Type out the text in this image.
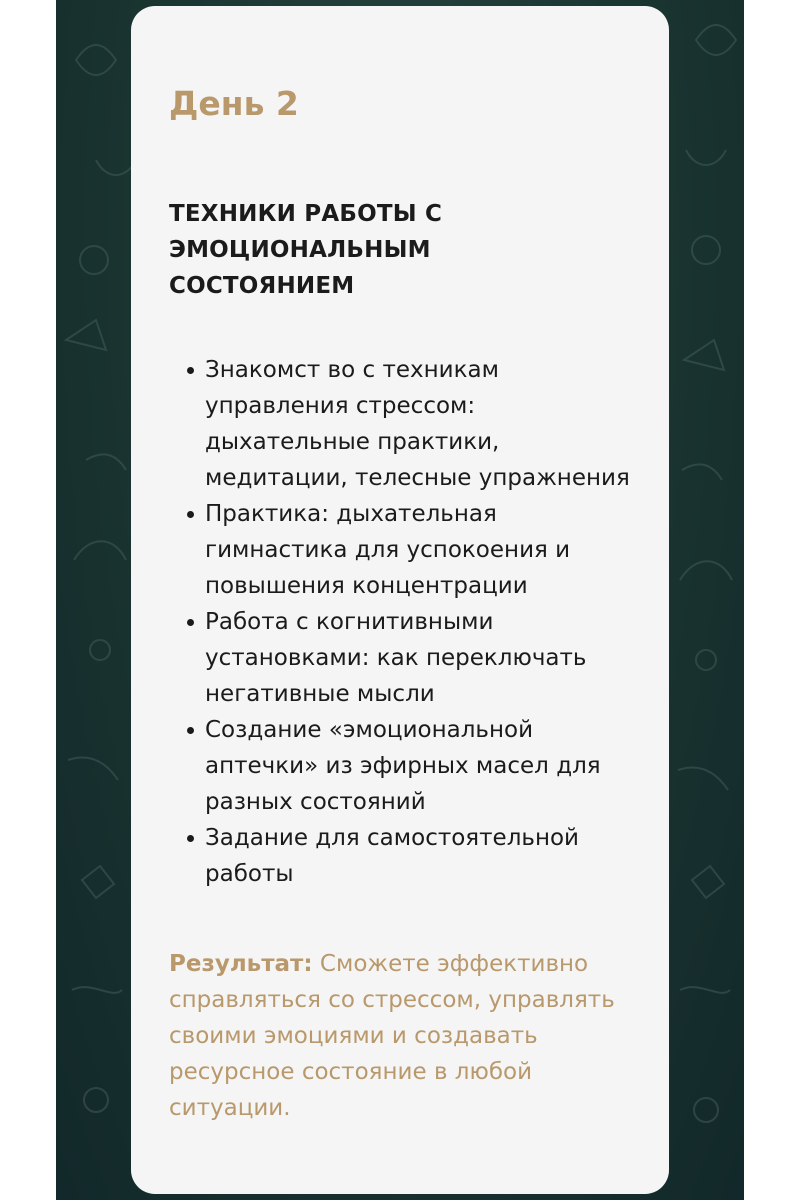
День 2
ТЕХНИКИ РАБОТЫ С ЭМОЦИОНАЛЬНЫМ СОСТОЯНИЕМ
Знакомст во с техникам управления стрессом: дыхательные практики, медитации, телесные упражнения
Практика: дыхательная гимнастика для успокоения и повышения концентрации
Работа с когнитивными установками: как переключать негативные мысли
Создание «эмоциональной аптечки» из эфирных масел для разных состояний
Задание для самостоятельной работы

Результат: Сможете эффективно справляться со стрессом, управлять своими эмоциями и создавать ресурсное состояние в любой ситуации.
